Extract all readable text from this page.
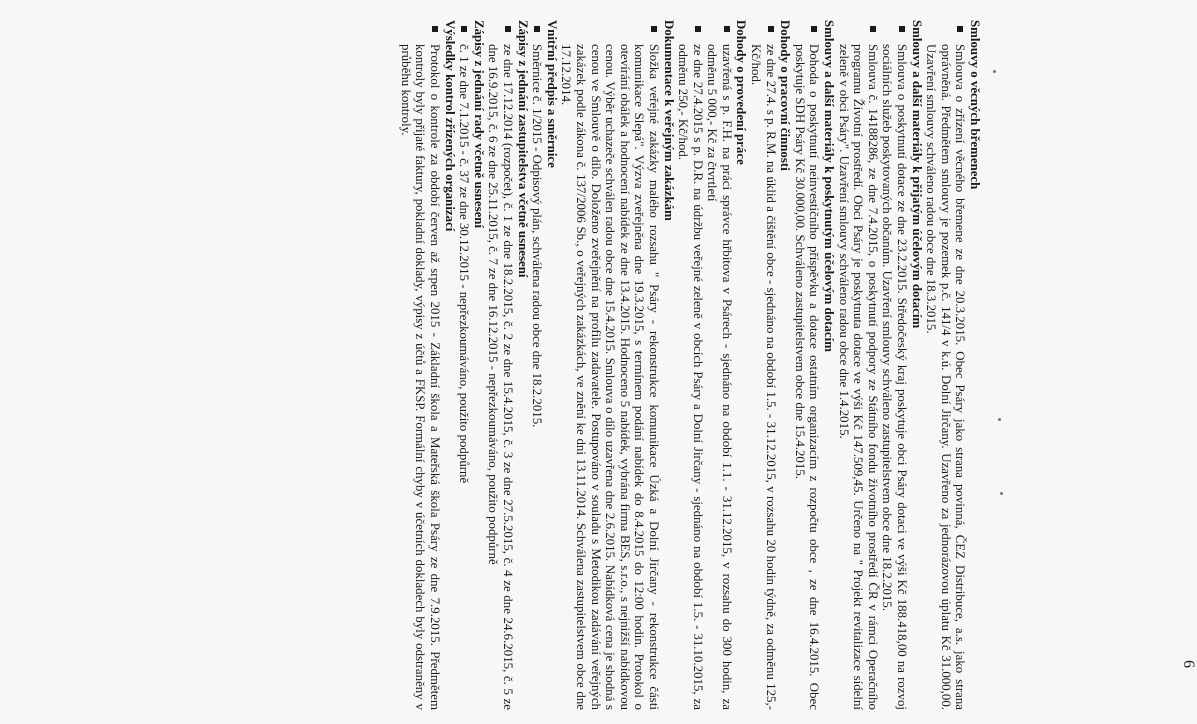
6

Smlouvy o věcných břemenech

Smlouva o zřízení věcného břemene ze dne 20.3.2015. Obec Psáry jako strana povinná, ČEZ Distribuce, a.s. jako strana oprávněná. Předmětem smlouvy je pozemek p.č. 141/4 v k.ú. Dolní Jirčany. Uzavřeno za jednorázovou úplatu Kč 31.000,00. Uzavření smlouvy schváleno radou obce dne 18.3.2015.

Smlouvy a další materiály k přijatým účelovým dotacím

Smlouva o poskytnutí dotace ze dne 23.2.2015. Středočeský kraj poskytuje obci Psáry dotaci ve výši Kč 188.418,00 na rozvoj sociálních služeb poskytovaných občanům. Uzavření smlouvy schváleno zastupitelstvem obce dne 18.2.2015.

Smlouva č. 14188286, ze dne 7.4.2015, o poskytnutí podpory ze Státního fondu životního prostředí ČR v rámci Operačního programu Životní prostředí. Obci Psáry je poskytnuta dotace ve výši Kč 147.509,45. Určeno na " Projekt revitalizace sídelní zeleně v obci Psáry". Uzavření smlouvy schváleno radou obce dne 1.4.2015.

Smlouvy a další materiály k poskytnutým účelovým dotacím

Dohoda o poskytnutí neinvestičního příspěvku a dotace ostatním organizacím z rozpočtu obce , ze dne 16.4.2015. Obec poskytuje SDH Psáry Kč 30.000,00. Schváleno zastupitelstvem obce dne 15.4.2015.

Dohody o pracovní činnosti

ze dne 27.4. s p. R.M. na úklid a čištění obce - sjednáno na období 1.5. - 31.12.2015, v rozsahu 20 hodin týdně, za odměnu 125,- Kč/hod.

Dohody o provedení práce

uzavřená s p. F.H. na práci správce hřbitova v Psárech - sjednáno na období 1.1. - 31.12.2015, v rozsahu do 300 hodin, za odměnu 5 000,- Kč za čtvrtletí

ze dne 27.4.2015 s p. D.R. na údržbu veřejné zeleně v obcích Psáry a Dolní Jirčany - sjednáno na období 1.5. - 31.10.2015, za odměnu 250,- Kč/hod.

Dokumentace k veřejným zakázkám

Složka veřejné zakázky malého rozsahu " Psáry - rekonstrukce komunikace Úzká a Dolní Jirčany - rekonstrukce části komunikace Slepá". Výzva zveřejněna dne 19.3.2015, s termínem podání nabídek do 8.4.2015 do 12:00 hodin. Protokol o otevírání obálek a hodnocení nabídek ze dne 13.4.2015. Hodnoceno 5 nabídek, vybrána firma BES, s.r.o., s nejnižší nabídkovou cenou. Výběr uchazeče schválen radou obce dne 15.4.2015. Smlouva o dílo uzavřena dne 2.6.2015. Nabídková cena je shodná s cenou ve Smlouvě o dílo. Doloženo zveřejnění na profilu zadavatele. Postupováno v souladu s Metodikou zadávání veřejných zakázek podle zákona č. 137/2006 Sb., o veřejných zakázkách, ve znění ke dni 13.11.2014. Schválena zastupitelstvem obce dne 17.12.2014.

Vnitřní předpis a směrnice

Směrnice č. 1/2015 - Odpisový plán, schválena radou obce dne 18.2.2015.

Zápisy z jednání zastupitelstva včetně usnesení

ze dne 17.12.2014 (rozpočet), č. 1 ze dne 18.2.2015, č. 2 ze dne 15.4.2015, č. 3 ze dne 27.5.2015, č. 4 ze dne 24.6.2015, č. 5 ze dne 16.9.2015, č. 6 ze dne 25.11.2015, č. 7 ze dne 16.12.2015 - nepřezkoumáváno, použito podpůrně

Zápisy z jednání rady včetně usnesení

č. 1 ze dne 7.1.2015 - č. 37 ze dne 30.12.2015 - nepřezkoumáváno, použito podpůrně

Výsledky kontrol zřízených organizací

Protokol o kontrole za období červen až srpen 2015 - Základní škola a Mateřská škola Psáry ze dne 7.9.2015. Předmětem kontroly byly přijaté faktury, pokladní doklady, výpisy z účtů a FKSP. Formální chyby v účetních dokladech byly odstraněny v průběhu kontroly.
